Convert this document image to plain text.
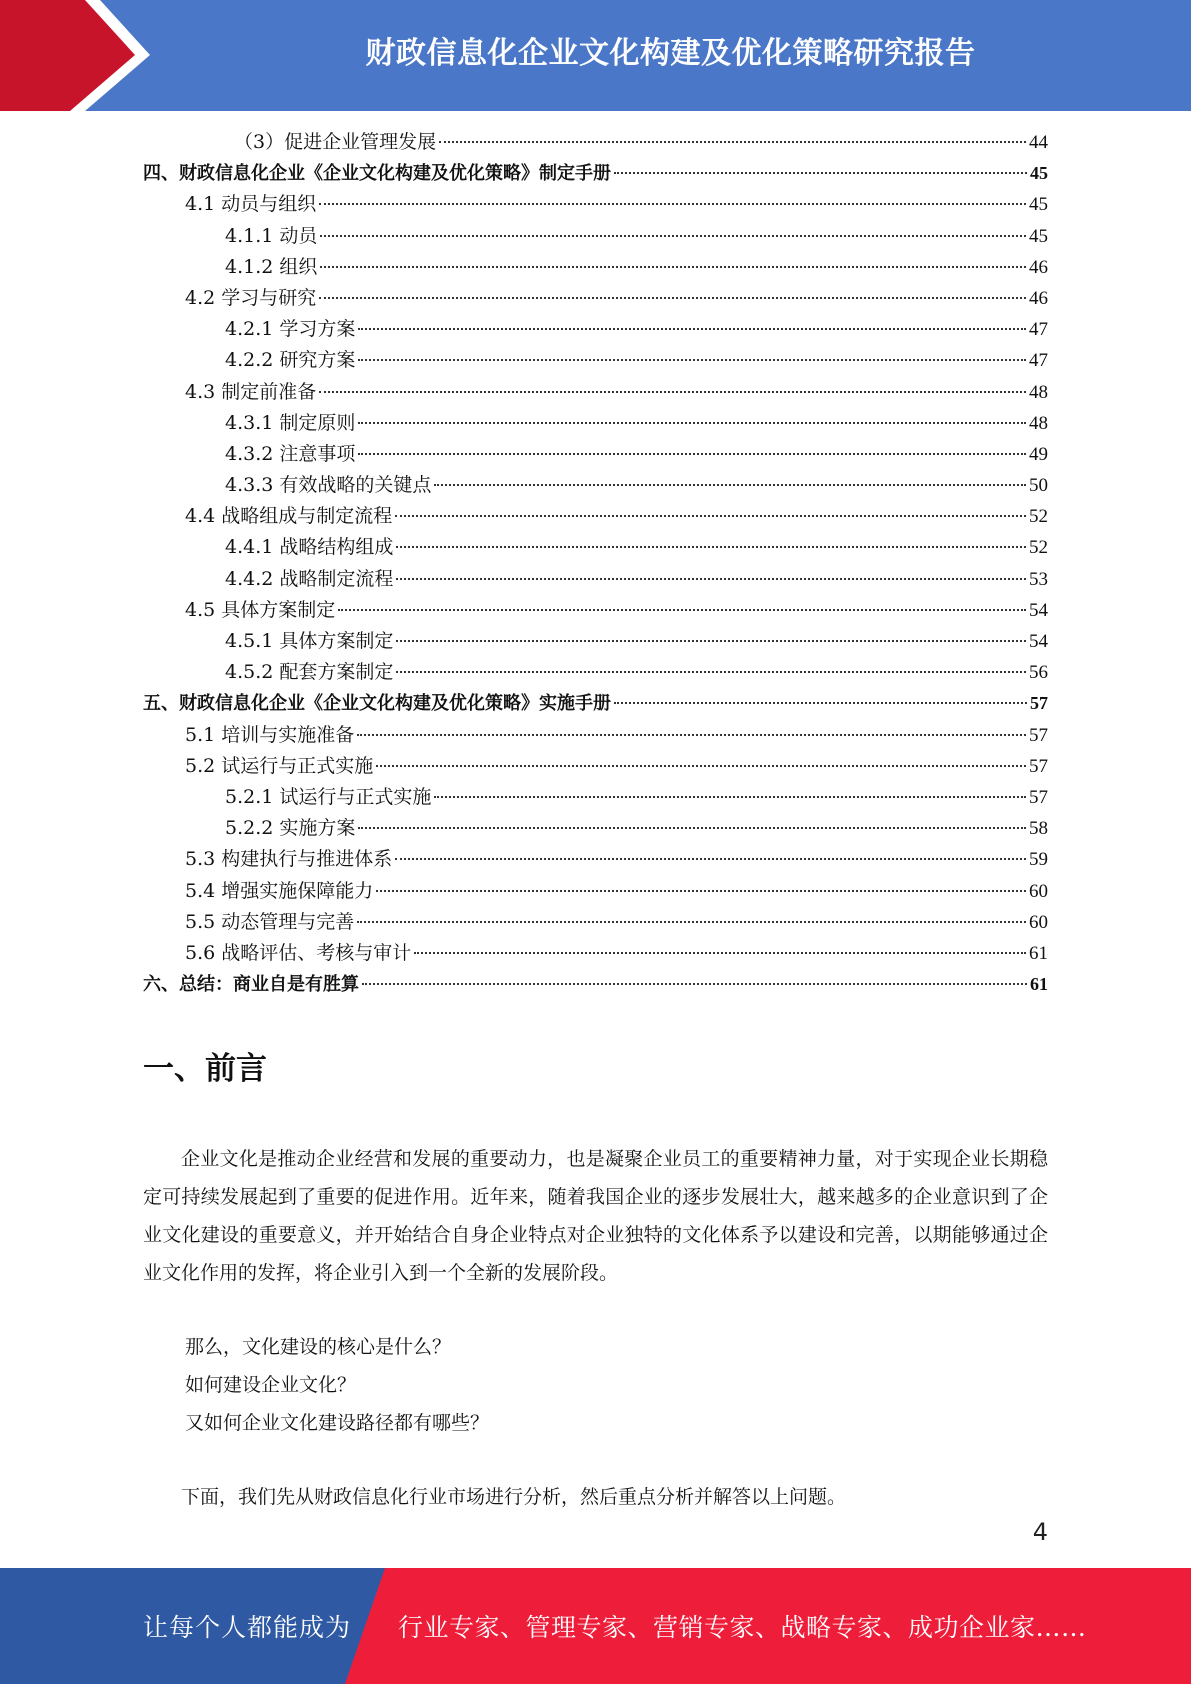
财政信息化企业文化构建及优化策略研究报告
（3）促进企业管理发展	44
四、财政信息化企业《企业文化构建及优化策略》制定手册	45
4.1 动员与组织	45
4.1.1 动员	45
4.1.2 组织	46
4.2 学习与研究	46
4.2.1 学习方案	47
4.2.2 研究方案	47
4.3 制定前准备	48
4.3.1 制定原则	48
4.3.2 注意事项	49
4.3.3 有效战略的关键点	50
4.4 战略组成与制定流程	52
4.4.1 战略结构组成	52
4.4.2 战略制定流程	53
4.5 具体方案制定	54
4.5.1 具体方案制定	54
4.5.2 配套方案制定	56
五、财政信息化企业《企业文化构建及优化策略》实施手册	57
5.1 培训与实施准备	57
5.2 试运行与正式实施	57
5.2.1 试运行与正式实施	57
5.2.2 实施方案	58
5.3 构建执行与推进体系	59
5.4 增强实施保障能力	60
5.5 动态管理与完善	60
5.6 战略评估、考核与审计	61
六、总结：商业自是有胜算	61
一、前言

企业文化是推动企业经营和发展的重要动力，也是凝聚企业员工的重要精神力量，对于实现企业长期稳定可持续发展起到了重要的促进作用。近年来，随着我国企业的逐步发展壮大，越来越多的企业意识到了企业文化建设的重要意义，并开始结合自身企业特点对企业独特的文化体系予以建设和完善，以期能够通过企业文化作用的发挥，将企业引入到一个全新的发展阶段。

那么，文化建设的核心是什么？
如何建设企业文化？
又如何企业文化建设路径都有哪些？

下面，我们先从财政信息化行业市场进行分析，然后重点分析并解答以上问题。

4
让每个人都能成为 行业专家、管理专家、营销专家、战略专家、成功企业家……
